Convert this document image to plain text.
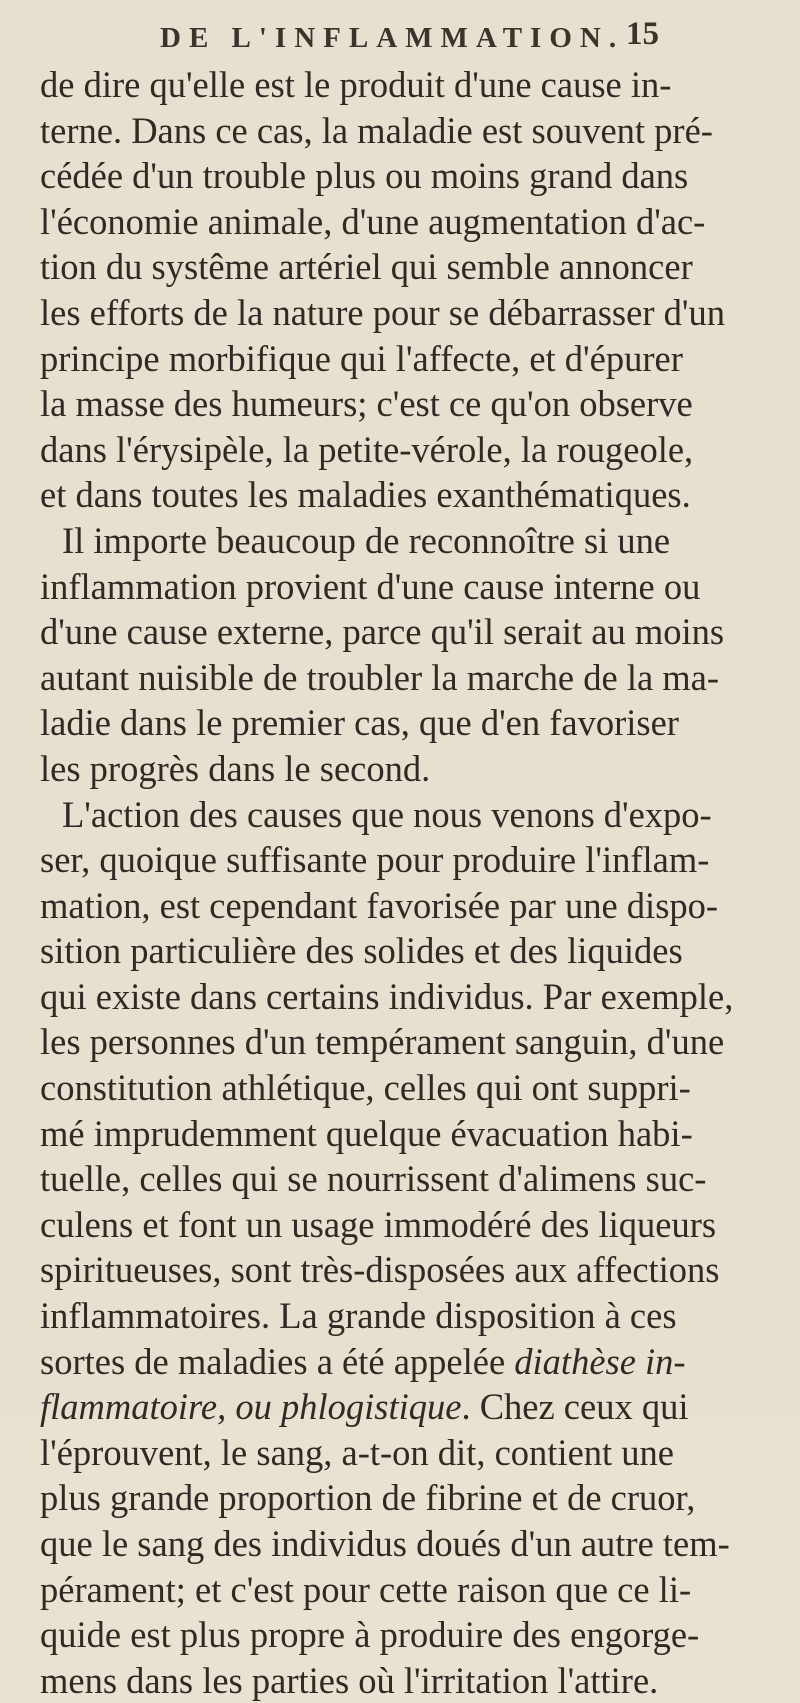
DE L'INFLAMMATION. 15
de dire qu'elle est le produit d'une cause in-
terne. Dans ce cas, la maladie est souvent pré-
cédée d'un trouble plus ou moins grand dans
l'économie animale, d'une augmentation d'ac-
tion du systême artériel qui semble annoncer
les efforts de la nature pour se débarrasser d'un
principe morbifique qui l'affecte, et d'épurer
la masse des humeurs; c'est ce qu'on observe
dans l'érysipèle, la petite-vérole, la rougeole,
et dans toutes les maladies exanthématiques.
Il importe beaucoup de reconnoître si une
inflammation provient d'une cause interne ou
d'une cause externe, parce qu'il serait au moins
autant nuisible de troubler la marche de la ma-
ladie dans le premier cas, que d'en favoriser
les progrès dans le second.
L'action des causes que nous venons d'expo-
ser, quoique suffisante pour produire l'inflam-
mation, est cependant favorisée par une dispo-
sition particulière des solides et des liquides
qui existe dans certains individus. Par exemple,
les personnes d'un tempérament sanguin, d'une
constitution athlétique, celles qui ont suppri-
mé imprudemment quelque évacuation habi-
tuelle, celles qui se nourrissent d'alimens suc-
culens et font un usage immodéré des liqueurs
spiritueuses, sont très-disposées aux affections
inflammatoires. La grande disposition à ces
sortes de maladies a été appelée diathèse in-
flammatoire, ou phlogistique. Chez ceux qui
l'éprouvent, le sang, a-t-on dit, contient une
plus grande proportion de fibrine et de cruor,
que le sang des individus doués d'un autre tem-
pérament; et c'est pour cette raison que ce li-
quide est plus propre à produire des engorge-
mens dans les parties où l'irritation l'attire.
